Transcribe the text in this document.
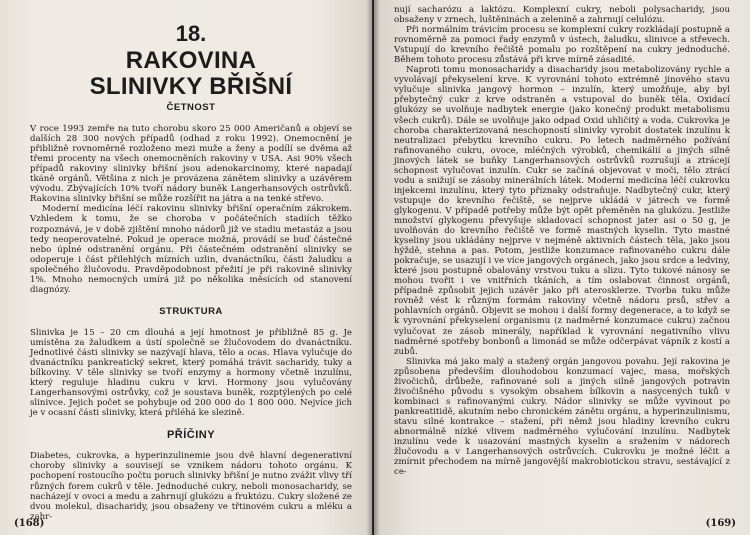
18.
RAKOVINA
SLINIVKY BŘIŠNÍ
ČETNOST

V roce 1993 zemře na tuto chorobu skoro 25 000 Američanů a objeví se dalších 28 300 nových případů (odhad z roku 1992). Onemocnění je přibližně rovnoměrně rozloženo mezi muže a ženy a podílí se dvěma až třemi procenty na všech onemocněních rakoviny v USA. Asi 90% všech případů rakoviny slinivky břišní jsou adenokarcinomy, které napadají tkáně orgánů. Většina z nich je provázena zánětem slinivky a uzávěrem vývodu. Zbývajících 10% tvoří nádory buněk Langerhansových ostrůvků. Rakovina slinivky břišní se může rozšířit na játra a na tenké střevo.

Moderní medicína léčí rakovinu slinivky břišní operačním zákrokem. Vzhledem k tomu, že se choroba v počátečních stadiích těžko rozpoznává, je v době zjištění mnoho nádorů již ve stadiu metastáz a jsou tedy neoperovatelné. Pokud je operace možná, provádí se buď částečné nebo úplné odstranění orgánu. Při částečném odstranění slinivky se odoperuje i část přilehlých mízních uzlin, dvanáctníku, části žaludku a společného žlučovodu. Pravděpodobnost přežití je při rakovině slinivky 1%. Mnoho nemocných umírá již po několika měsících od stanovení diagnózy.

STRUKTURA

Slinivka je 15 – 20 cm dlouhá a její hmotnost je přibližně 85 g. Je umístěna za žaludkem a ústí společně se žlučovodem do dvanáctníku. Jednotlivé části slinivky se nazývají hlava, tělo a ocas. Hlava vylučuje do dvanáctníku pankreatický sekret, který pomáhá trávit sacharidy, tuky a bílkoviny. V těle slinivky se tvoří enzymy a hormony včetně inzulínu, který reguluje hladinu cukru v krvi. Hormony jsou vylučovány Langerhansovými ostrůvky, což je soustava buněk, rozptýlených po celé slinivce. Jejich počet se pohybuje od 200 000 do 1 800 000. Nejvíce jich je v ocasní části slinivky, která přiléhá ke slezině.

PŘÍČINY

Diabetes, cukrovka, a hyperinzulinemie jsou dvě hlavní degenerativní choroby slinivky a souvisejí se vznikem nádoru tohoto orgánu. K pochopení rostoucího počtu poruch slinivky břišní je nutno zvážit vlivy tří různých forem cukrů v těle. Jednoduché cukry, neboli monosacharidy, se nacházejí v ovoci a medu a zahrnují glukózu a fruktózu. Cukry složené ze dvou molekul, disacharidy, jsou obsaženy ve třtinovém cukru a mléku a zahr-

(168)

nují sacharózu a laktózu. Komplexní cukry, neboli polysacharidy, jsou obsaženy v zrnech, luštěninách a zelenině a zahrnují celulózu.

Při normálním trávicím procesu se komplexní cukry rozkládají postupně a rovnoměrně za pomoci řady enzymů v ústech, žaludku, slinivce a střevech. Vstupují do krevního řečiště pomalu po rozštěpení na cukry jednoduché. Během tohoto procesu zůstává při krve mírně zásadité.

Naproti tomu monosacharidy a disacharidy jsou metabolizovány rychle a vyvolávají překyselení krve. K vyrovnání tohoto extrémně jinového stavu vylučuje slinivka jangový hormon – inzulín, který umožňuje, aby byl přebytečný cukr z krve odstraněn a vstupoval do buněk těla. Oxidací glukózy se uvolňuje nadbytek energie (jako konečný produkt metabolismu všech cukrů). Dále se uvolňuje jako odpad Oxid uhličitý a voda. Cukrovka je choroba charakterizovaná neschopností slinivky vyrobit dostatek inzulínu k neutralizaci přebytku krevního cukru. Po letech nadměrného požívání rafinovaného cukru, ovoce, mléčných výrobků, chemikálií a jiných silně jinových látek se buňky Langerhansových ostrůvků rozrušují a ztrácejí schopnost vylučovat inzulín. Cukr se začíná objevovat v moči, tělo ztrácí vodu a snižují se zásoby minerálních látek. Moderní medicína léčí cukrovku injekcemi inzulínu, který tyto příznaky odstraňuje. Nadbytečný cukr, který vstupuje do krevního řečiště, se nejprve ukládá v játrech ve formě glykogenu. V případě potřeby může být opět přeměněn na glukózu. Jestliže množství glykogenu převyšuje skladovací schopnost jater asi o 50 g, je uvolňován do krevního řečiště ve formě mastných kyselin. Tyto mastné kyseliny jsou ukládány nejprve v nejméně aktivních částech těla, jako jsou hýždě, stehna a pas. Potom, jestliže konzumace rafinovaného cukru dále pokračuje, se usazují i ve více jangových orgánech, jako jsou srdce a ledviny, které jsou postupně obalovány vrstvou tuku a slizu. Tyto tukové nánosy se mohou tvořit i ve vnitřních tkáních, a tím oslabovat činnost orgánů, případně způsobit jejich uzávěr jako při aterosklerze. Tvorba tuku může rovněž vést k různým formám rakoviny včetně nádoru prsů, střev a pohlavních orgánů. Objevit se mohou i další formy degenerace, a to když se k vyrovnání překyselení organismu (z nadměrné konzumace cukru) začnou vylučovat ze zásob minerály, například k vyrovnání negativního vlivu nadměrné spotřeby bonbonů a limonád se může odčerpávat vápník z kostí a zubů.

Slinivka má jako malý a stažený orgán jangovou povahu. Její rakovina je způsobena především dlouhodobou konzumací vajec, masa, mořských živočichů, drůbeže, rafinované soli a jiných silně jangových potravin živočišného původu s vysokým obsahem bílkovin a nasycených tuků v kombinaci s rafinovanými cukry. Nádor slinivky se může vyvinout po pankreatitidě, akutním nebo chronickém zánětu orgánu, a hyperinzulinismu, stavu silné kontrakce – stažení, při němž jsou hladiny krevního cukru abnormálně nízké vlivem nadměrného vylučování inzulínu. Nadbytek inzulínu vede k usazování mastných kyselin a sražením v nádorech žlučovodu a v Langerhansových ostrůvcích. Cukrovku je možné léčit a zmírnit přechodem na mírně jangovější makrobiotickou stravu, sestávající z ce-

(169)
